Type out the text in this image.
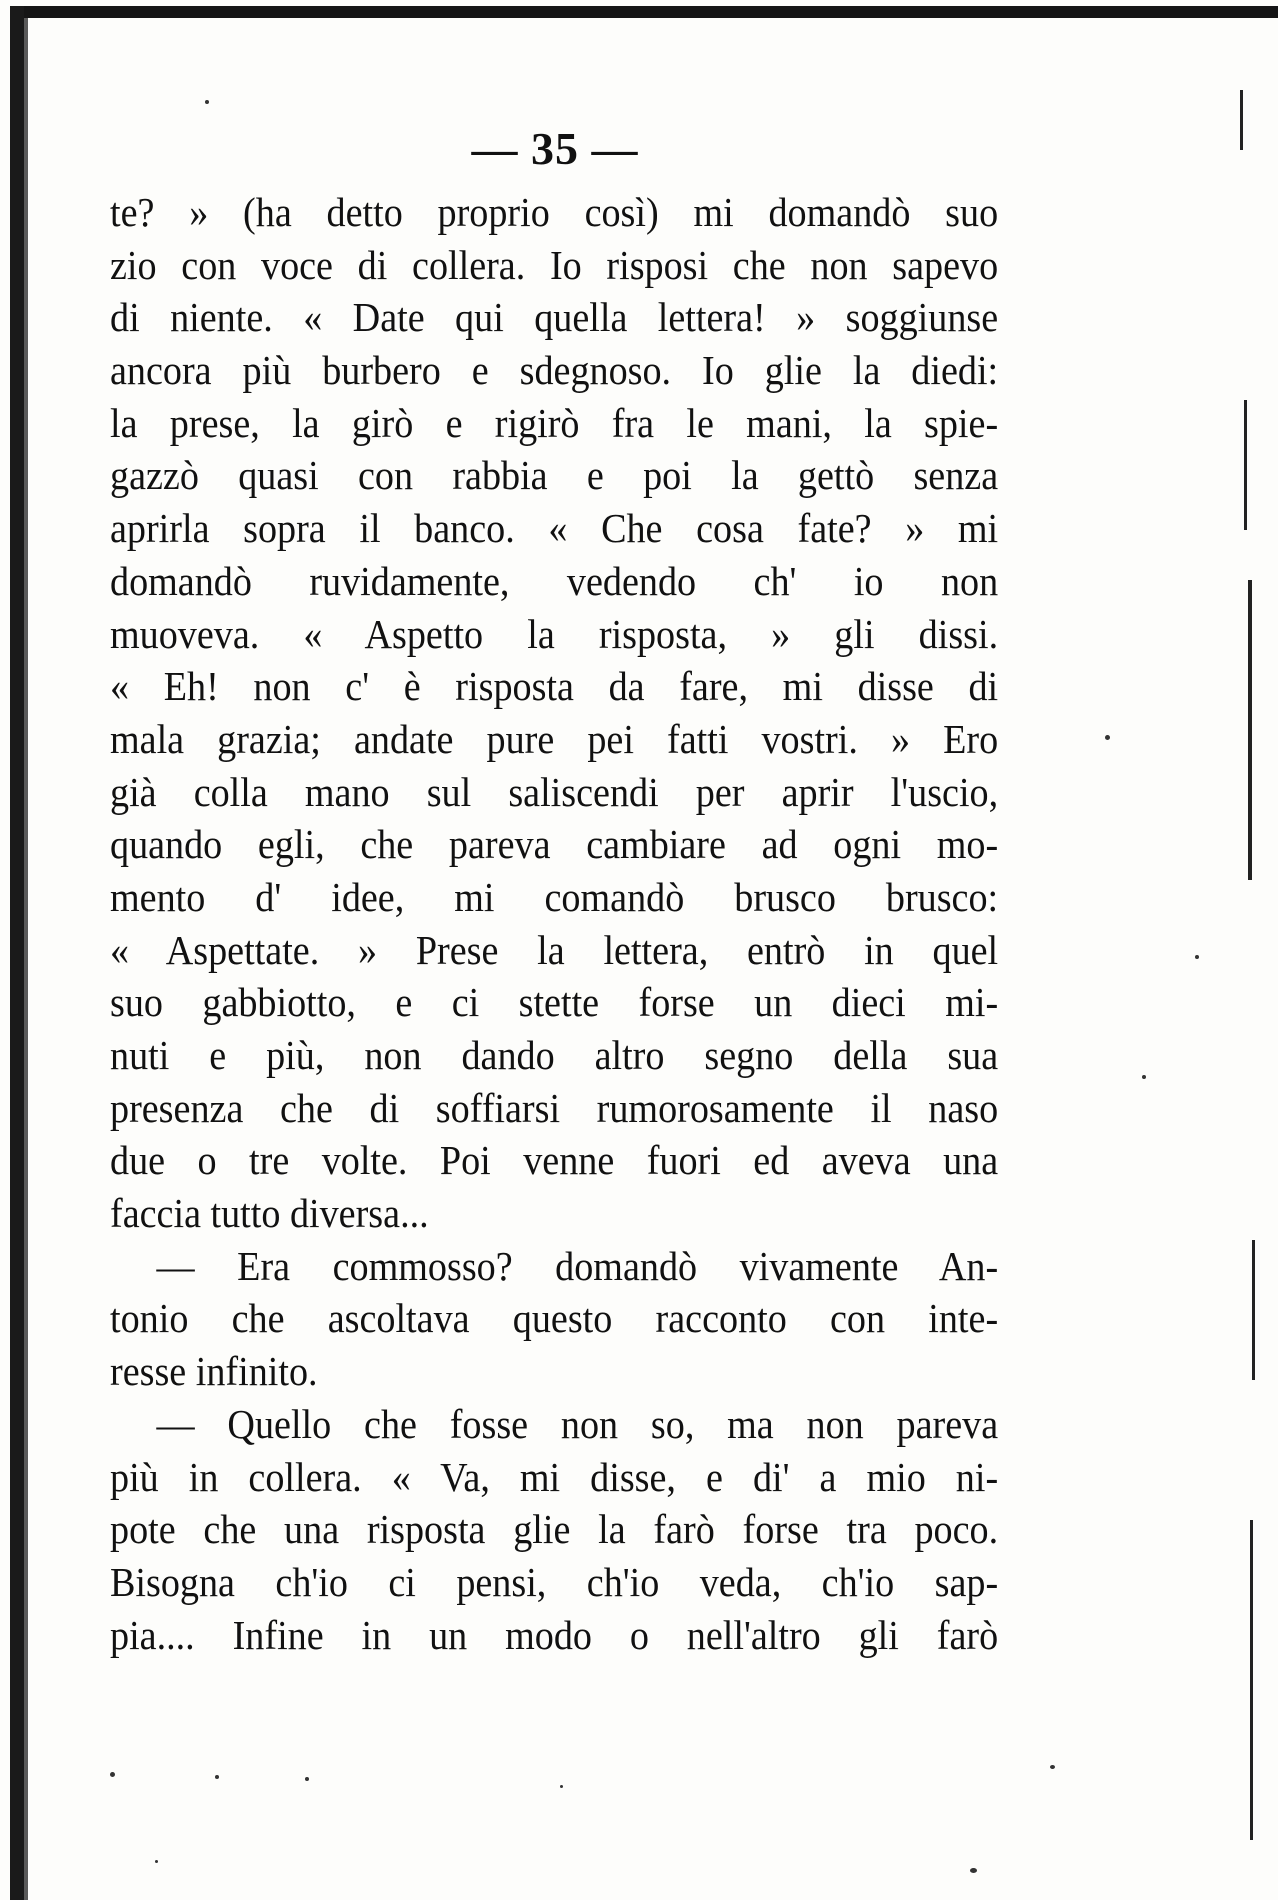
— 35 —
te? » (ha detto proprio così) mi domandò suo
zio con voce di collera. Io risposi che non sapevo
di niente. « Date qui quella lettera! » soggiunse
ancora più burbero e sdegnoso. Io glie la diedi:
la prese, la girò e rigirò fra le mani, la spie-
gazzò quasi con rabbia e poi la gettò senza
aprirla sopra il banco. « Che cosa fate? » mi
domandò ruvidamente, vedendo ch' io non
muoveva. « Aspetto la risposta, » gli dissi.
« Eh! non c' è risposta da fare, mi disse di
mala grazia; andate pure pei fatti vostri. » Ero
già colla mano sul saliscendi per aprir l'uscio,
quando egli, che pareva cambiare ad ogni mo-
mento d' idee, mi comandò brusco brusco:
« Aspettate. » Prese la lettera, entrò in quel
suo gabbiotto, e ci stette forse un dieci mi-
nuti e più, non dando altro segno della sua
presenza che di soffiarsi rumorosamente il naso
due o tre volte. Poi venne fuori ed aveva una
faccia tutto diversa...
— Era commosso? domandò vivamente An-
tonio che ascoltava questo racconto con inte-
resse infinito.
— Quello che fosse non so, ma non pareva
più in collera. « Va, mi disse, e di' a mio ni-
pote che una risposta glie la farò forse tra poco.
Bisogna ch'io ci pensi, ch'io veda, ch'io sap-
pia.... Infine in un modo o nell'altro gli farò
